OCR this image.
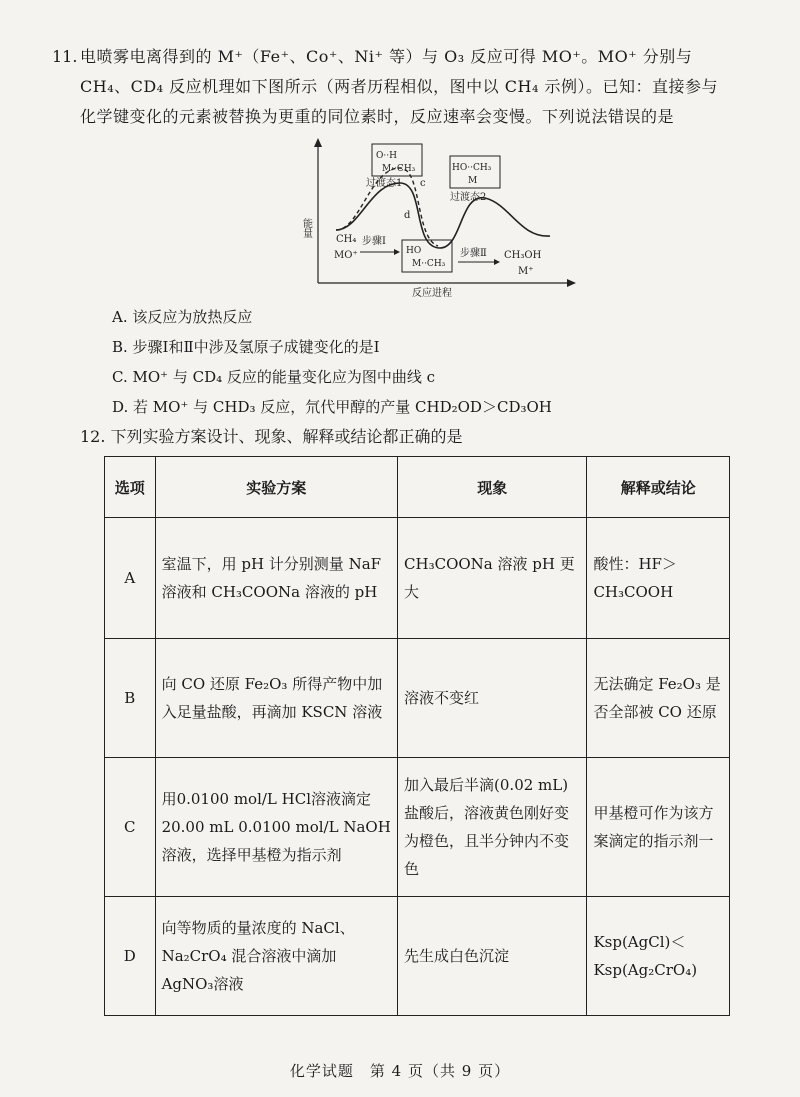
电喷雾电离得到的 M⁺（Fe⁺、Co⁺、Ni⁺ 等）与 O₃ 反应可得 MO⁺。MO⁺ 分别与
CH₄、CD₄ 反应机理如下图所示（两者历程相似，图中以 CH₄ 示例）。已知：直接参与
化学键变化的元素被替换为更重的同位素时，反应速率会变慢。下列说法错误的是
11.
能量
反应进程
c
d
O··H
M··CH₃
过渡态1
HO··CH₃
M
过渡态2
CH₄
MO⁺
步骤Ⅰ
HO
M··CH₃
步骤Ⅱ CH₃OH
M⁺
A. 该反应为放热反应
B. 步骤Ⅰ和Ⅱ中涉及氢原子成键变化的是Ⅰ
C. MO⁺ 与 CD₄ 反应的能量变化应为图中曲线 c
D. 若 MO⁺ 与 CHD₃ 反应，氘代甲醇的产量 CHD₂OD＞CD₃OH
12. 下列实验方案设计、现象、解释或结论都正确的是
选项	实验方案	现象	解释或结论
A	室温下，用 pH 计分别测量 NaF 溶液和 CH₃COONa 溶液的 pH	CH₃COONa 溶液 pH 更大	酸性：HF＞CH₃COOH
B	向 CO 还原 Fe₂O₃ 所得产物中加入足量盐酸，再滴加 KSCN 溶液	溶液不变红	无法确定 Fe₂O₃ 是否全部被 CO 还原
C	用0.0100 mol/L HCl溶液滴定 20.00 mL 0.0100 mol/L NaOH 溶液，选择甲基橙为指示剂	加入最后半滴(0.02 mL)盐酸后，溶液黄色刚好变为橙色，且半分钟内不变色	甲基橙可作为该方案滴定的指示剂一
D	向等物质的量浓度的 NaCl、Na₂CrO₄ 混合溶液中滴加 AgNO₃溶液	先生成白色沉淀	Ksp(AgCl)＜Ksp(Ag₂CrO₄)
化学试题　第 4 页（共 9 页）
